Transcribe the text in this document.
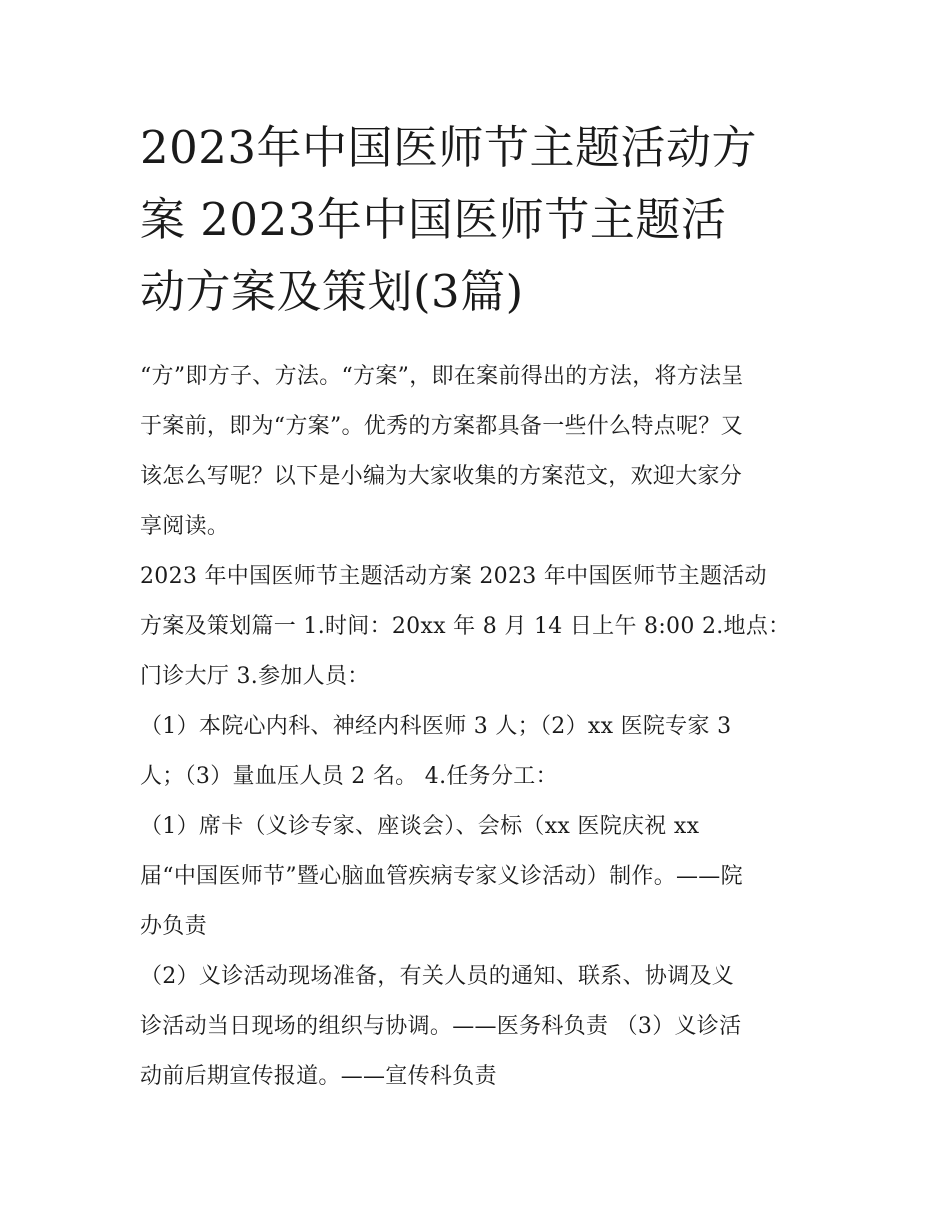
2023年中国医师节主题活动方 案 2023年中国医师节主题活 动方案及策划(3篇)

“方”即方子、方法。“方案”，即在案前得出的方法，将方法呈
于案前，即为“方案”。优秀的方案都具备一些什么特点呢？又
该怎么写呢？以下是小编为大家收集的方案范文，欢迎大家分
享阅读。

2023 年中国医师节主题活动方案 2023 年中国医师节主题活动
方案及策划篇一 1.时间：20xx 年 8 月 14 日上午 8:00 2.地点：
门诊大厅 3.参加人员：

（1）本院心内科、神经内科医师 3 人；（2）xx 医院专家 3
人；（3）量血压人员 2 名。 4.任务分工：

（1）席卡（义诊专家、座谈会）、会标（xx 医院庆祝 xx
届“中国医师节”暨心脑血管疾病专家义诊活动）制作。——院
办负责

（2）义诊活动现场准备，有关人员的通知、联系、协调及义
诊活动当日现场的组织与协调。——医务科负责 （3）义诊活
动前后期宣传报道。——宣传科负责
